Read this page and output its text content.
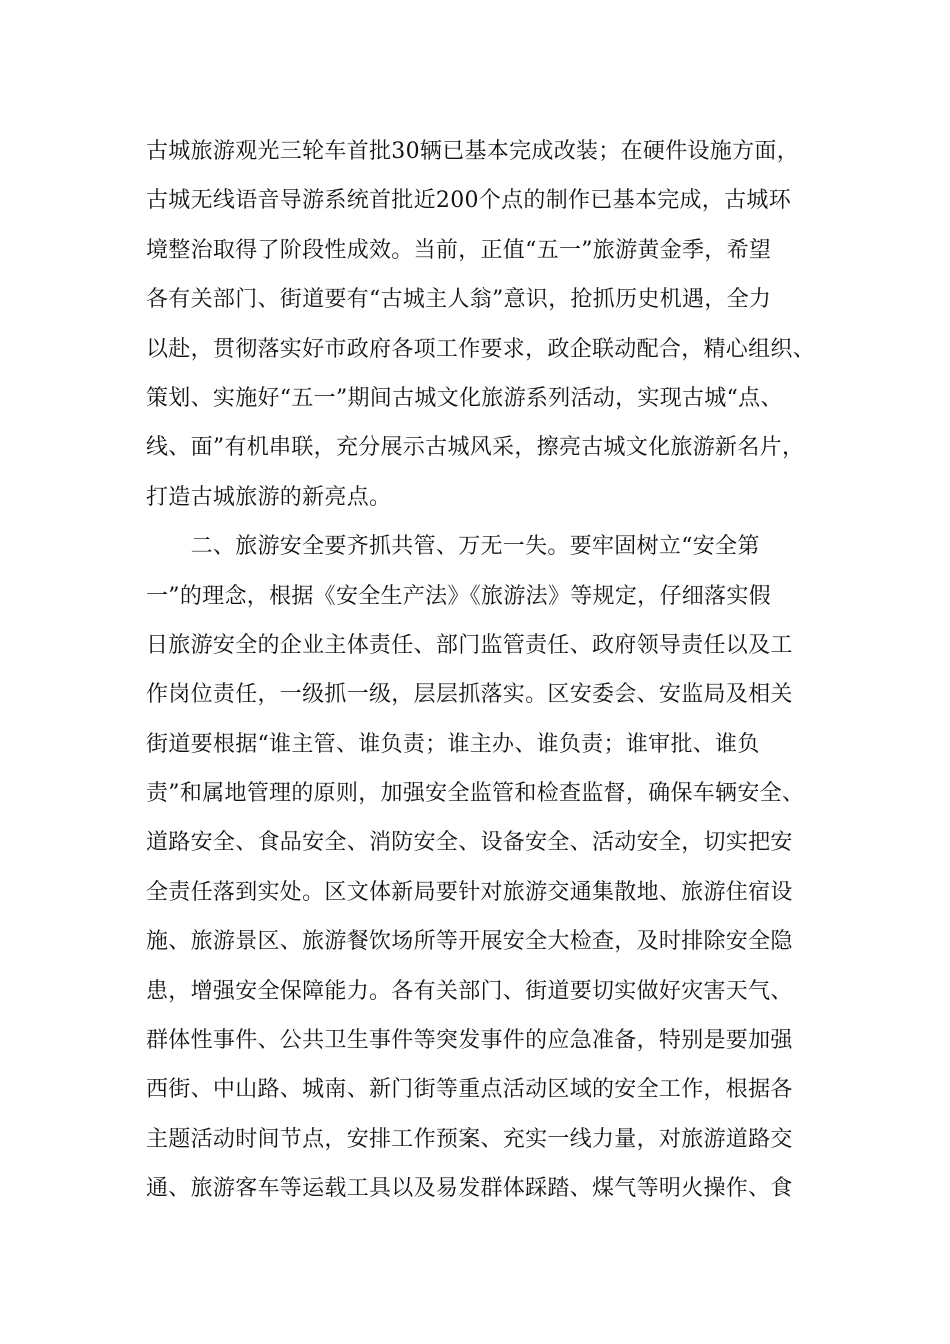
古城旅游观光三轮车首批30辆已基本完成改装；在硬件设施方面，
古城无线语音导游系统首批近200个点的制作已基本完成，古城环
境整治取得了阶段性成效。当前，正值“五一”旅游黄金季，希望
各有关部门、街道要有“古城主人翁”意识，抢抓历史机遇，全力
以赴，贯彻落实好市政府各项工作要求，政企联动配合，精心组织、
策划、实施好“五一”期间古城文化旅游系列活动，实现古城“点、
线、面”有机串联，充分展示古城风采，擦亮古城文化旅游新名片，
打造古城旅游的新亮点。
　　二、旅游安全要齐抓共管、万无一失。要牢固树立“安全第
一”的理念，根据《安全生产法》《旅游法》等规定，仔细落实假
日旅游安全的企业主体责任、部门监管责任、政府领导责任以及工
作岗位责任，一级抓一级，层层抓落实。区安委会、安监局及相关
街道要根据“谁主管、谁负责；谁主办、谁负责；谁审批、谁负
责”和属地管理的原则，加强安全监管和检查监督，确保车辆安全、
道路安全、食品安全、消防安全、设备安全、活动安全，切实把安
全责任落到实处。区文体新局要针对旅游交通集散地、旅游住宿设
施、旅游景区、旅游餐饮场所等开展安全大检查，及时排除安全隐
患，增强安全保障能力。各有关部门、街道要切实做好灾害天气、
群体性事件、公共卫生事件等突发事件的应急准备，特别是要加强
西街、中山路、城南、新门街等重点活动区域的安全工作，根据各
主题活动时间节点，安排工作预案、充实一线力量，对旅游道路交
通、旅游客车等运载工具以及易发群体踩踏、煤气等明火操作、食
